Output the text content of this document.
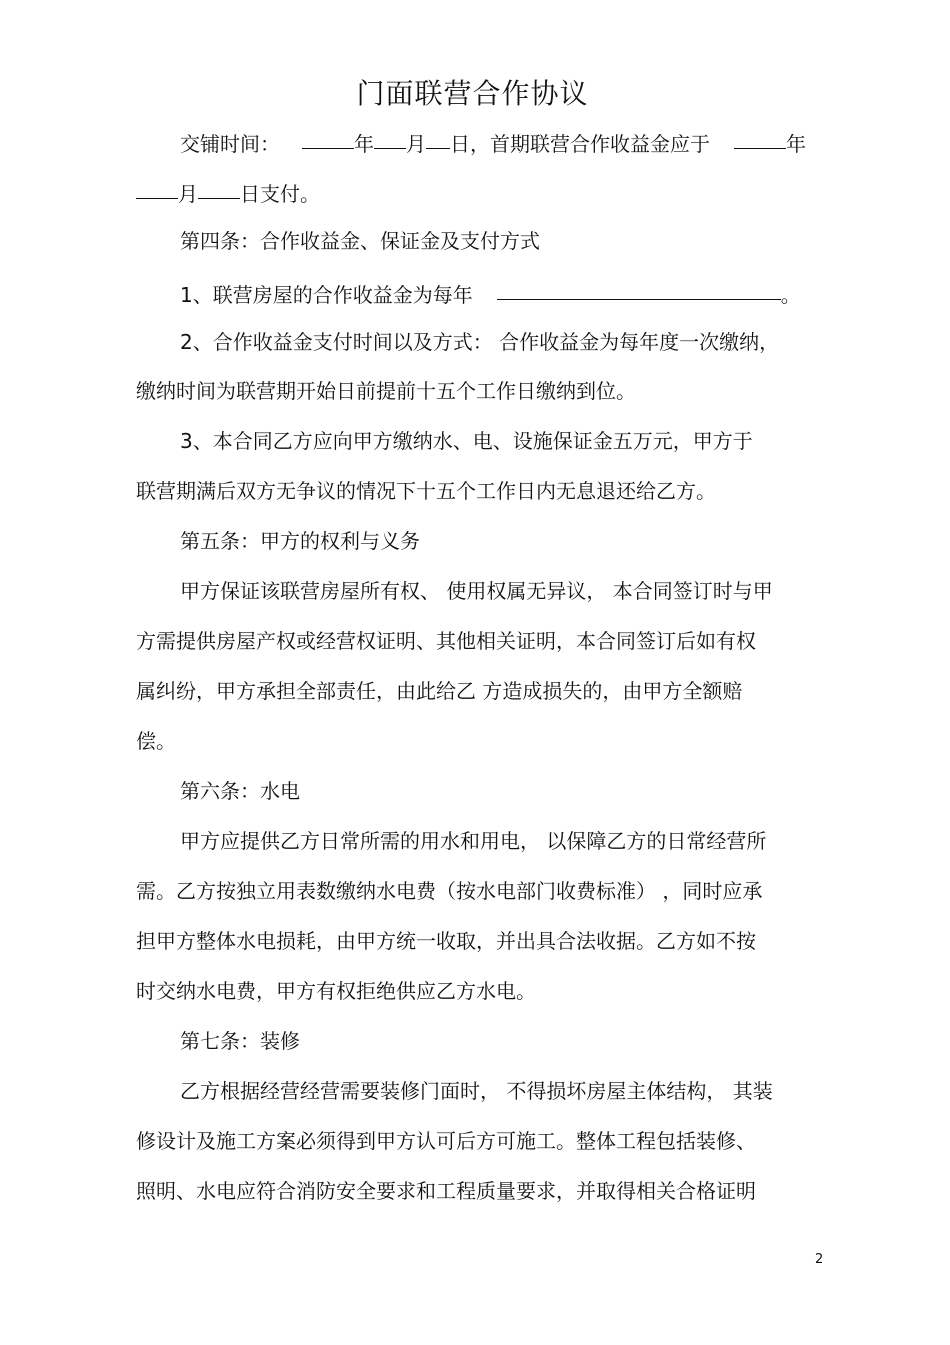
门面联营合作协议
交铺时间：	年 月 日，首期联营合作收益金应于	年
月 日支付。
第四条：合作收益金、保证金及支付方式
1、联营房屋的合作收益金为每年	。
2、合作收益金支付时间以及方式： 合作收益金为每年度一次缴纳，
缴纳时间为联营期开始日前提前十五个工作日缴纳到位。
3、本合同乙方应向甲方缴纳水、电、设施保证金五万元，甲方于
联营期满后双方无争议的情况下十五个工作日内无息退还给乙方。
第五条：甲方的权利与义务
甲方保证该联营房屋所有权、 使用权属无异议， 本合同签订时与甲
方需提供房屋产权或经营权证明、其他相关证明，本合同签订后如有权
属纠纷，甲方承担全部责任，由此给乙 方造成损失的，由甲方全额赔
偿。
第六条：水电
甲方应提供乙方日常所需的用水和用电， 以保障乙方的日常经营所
需。乙方按独立用表数缴纳水电费（按水电部门收费标准） ，同时应承
担甲方整体水电损耗，由甲方统一收取，并出具合法收据。乙方如不按
时交纳水电费，甲方有权拒绝供应乙方水电。
第七条：装修
乙方根据经营经营需要装修门面时， 不得损坏房屋主体结构， 其装
修设计及施工方案必须得到甲方认可后方可施工。整体工程包括装修、
照明、水电应符合消防安全要求和工程质量要求，并取得相关合格证明
2
